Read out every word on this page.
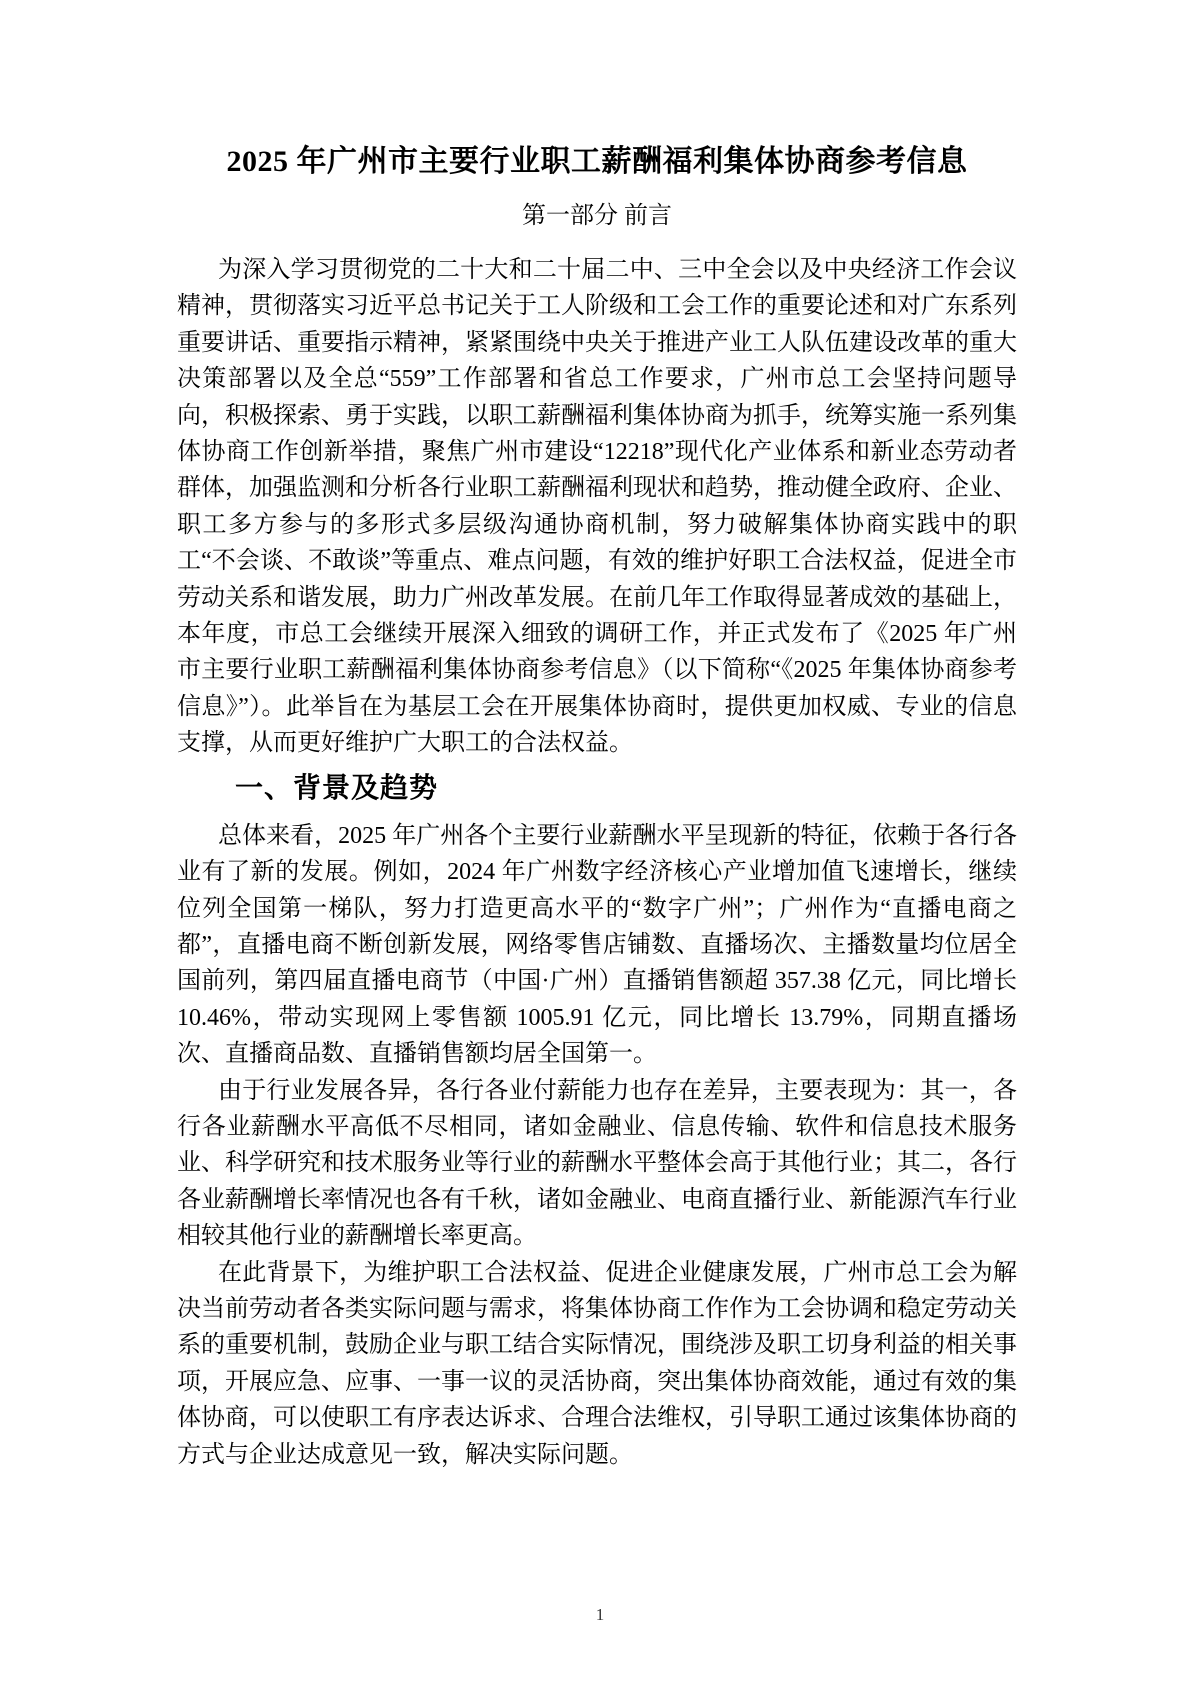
2025 年广州市主要行业职工薪酬福利集体协商参考信息
第一部分 前言

为深入学习贯彻党的二十大和二十届二中、三中全会以及中央经济工作会议精神，贯彻落实习近平总书记关于工人阶级和工会工作的重要论述和对广东系列重要讲话、重要指示精神，紧紧围绕中央关于推进产业工人队伍建设改革的重大决策部署以及全总“559”工作部署和省总工作要求，广州市总工会坚持问题导向，积极探索、勇于实践，以职工薪酬福利集体协商为抓手，统筹实施一系列集体协商工作创新举措，聚焦广州市建设“12218”现代化产业体系和新业态劳动者群体，加强监测和分析各行业职工薪酬福利现状和趋势，推动健全政府、企业、职工多方参与的多形式多层级沟通协商机制，努力破解集体协商实践中的职工“不会谈、不敢谈”等重点、难点问题，有效的维护好职工合法权益，促进全市劳动关系和谐发展，助力广州改革发展。在前几年工作取得显著成效的基础上，本年度，市总工会继续开展深入细致的调研工作，并正式发布了《2025 年广州市主要行业职工薪酬福利集体协商参考信息》（以下简称“《2025 年集体协商参考信息》”）。此举旨在为基层工会在开展集体协商时，提供更加权威、专业的信息支撑，从而更好维护广大职工的合法权益。

一、背景及趋势

总体来看，2025 年广州各个主要行业薪酬水平呈现新的特征，依赖于各行各业有了新的发展。例如，2024 年广州数字经济核心产业增加值飞速增长，继续位列全国第一梯队，努力打造更高水平的“数字广州”；广州作为“直播电商之都”，直播电商不断创新发展，网络零售店铺数、直播场次、主播数量均位居全国前列，第四届直播电商节（中国·广州）直播销售额超 357.38 亿元，同比增长 10.46%，带动实现网上零售额 1005.91 亿元，同比增长 13.79%，同期直播场次、直播商品数、直播销售额均居全国第一。

由于行业发展各异，各行各业付薪能力也存在差异，主要表现为：其一，各行各业薪酬水平高低不尽相同，诸如金融业、信息传输、软件和信息技术服务业、科学研究和技术服务业等行业的薪酬水平整体会高于其他行业；其二，各行各业薪酬增长率情况也各有千秋，诸如金融业、电商直播行业、新能源汽车行业相较其他行业的薪酬增长率更高。

在此背景下，为维护职工合法权益、促进企业健康发展，广州市总工会为解决当前劳动者各类实际问题与需求，将集体协商工作作为工会协调和稳定劳动关系的重要机制，鼓励企业与职工结合实际情况，围绕涉及职工切身利益的相关事项，开展应急、应事、一事一议的灵活协商，突出集体协商效能，通过有效的集体协商，可以使职工有序表达诉求、合理合法维权，引导职工通过该集体协商的方式与企业达成意见一致，解决实际问题。

1
